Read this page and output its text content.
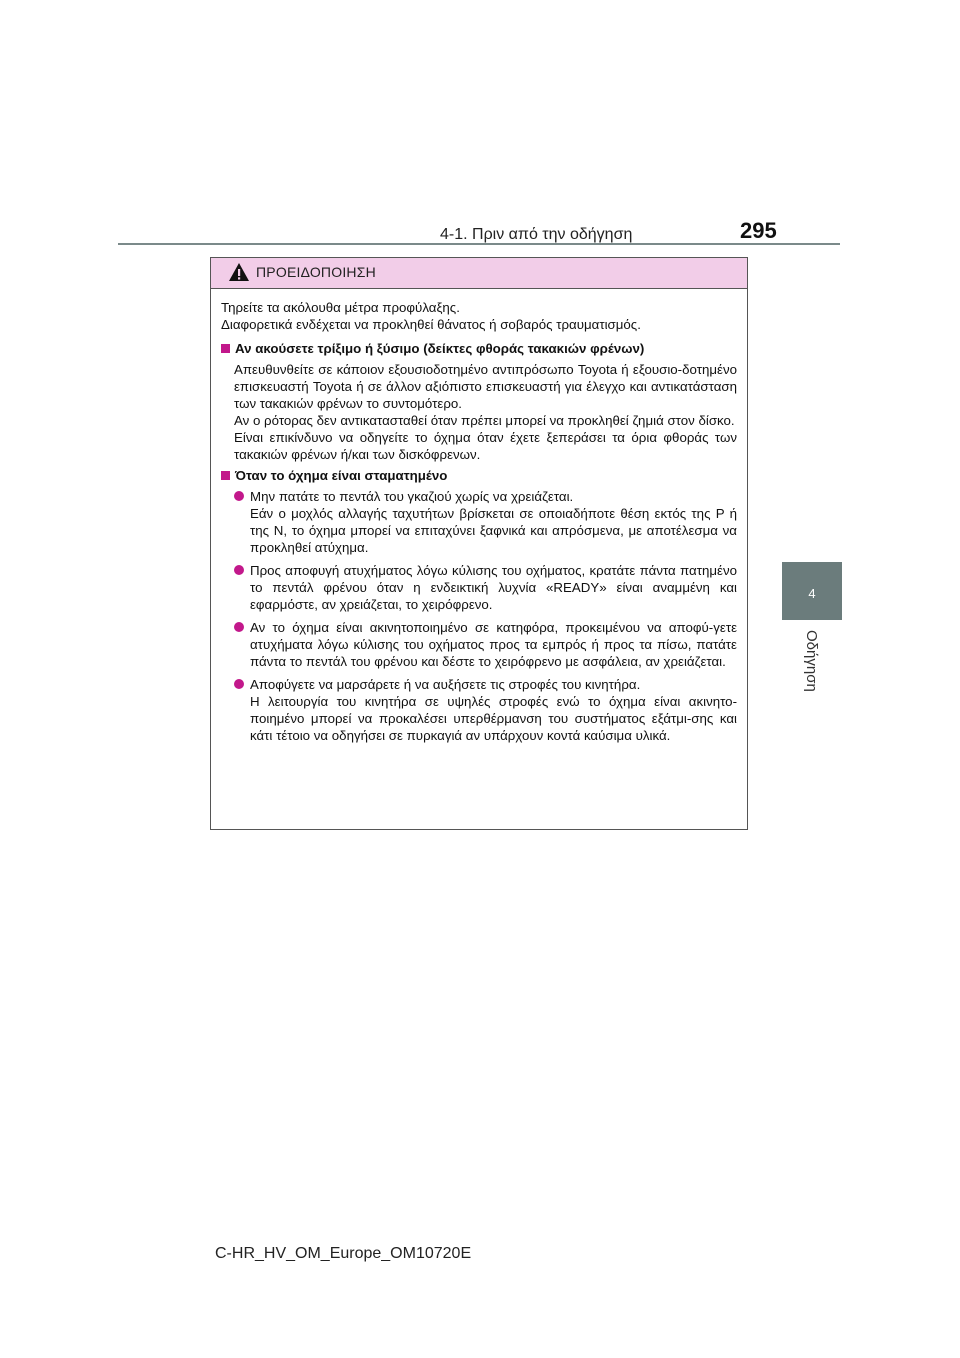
4-1. Πριν από την οδήγηση	295
4
Οδήγηση
ΠΡΟΕΙΔΟΠΟΙΗΣΗ

Τηρείτε τα ακόλουθα μέτρα προφύλαξης.

Διαφορετικά ενδέχεται να προκληθεί θάνατος ή σοβαρός τραυματισμός.

Αν ακούσετε τρίξιμο ή ξύσιμο (δείκτες φθοράς τακακιών φρένων)

Απευθυνθείτε σε κάποιον εξουσιοδοτημένο αντιπρόσωπο Toyota ή εξουσιο-δοτημένο επισκευαστή Toyota ή σε άλλον αξιόπιστο επισκευαστή για έλεγχο και αντικατάσταση των τακακιών φρένων το συντομότερο.

Αν ο ρότορας δεν αντικατασταθεί όταν πρέπει μπορεί να προκληθεί ζημιά στον δίσκο.

Είναι επικίνδυνο να οδηγείτε το όχημα όταν έχετε ξεπεράσει τα όρια φθοράς των τακακιών φρένων ή/και των δισκόφρενων.

Όταν το όχημα είναι σταματημένο

Μην πατάτε το πεντάλ του γκαζιού χωρίς να χρειάζεται.

Εάν ο μοχλός αλλαγής ταχυτήτων βρίσκεται σε οποιαδήποτε θέση εκτός της P ή της N, το όχημα μπορεί να επιταχύνει ξαφνικά και απρόσμενα, με αποτέλεσμα να προκληθεί ατύχημα.

Προς αποφυγή ατυχήματος λόγω κύλισης του οχήματος, κρατάτε πάντα πατημένο το πεντάλ φρένου όταν η ενδεικτική λυχνία «READY» είναι αναμμένη και εφαρμόστε, αν χρειάζεται, το χειρόφρενο.

Αν το όχημα είναι ακινητοποιημένο σε κατηφόρα, προκειμένου να αποφύ-γετε ατυχήματα λόγω κύλισης του οχήματος προς τα εμπρός ή προς τα πίσω, πατάτε πάντα το πεντάλ του φρένου και δέστε το χειρόφρενο με ασφάλεια, αν χρειάζεται.

Αποφύγετε να μαρσάρετε ή να αυξήσετε τις στροφές του κινητήρα.

Η λειτουργία του κινητήρα σε υψηλές στροφές ενώ το όχημα είναι ακινητο-ποιημένο μπορεί να προκαλέσει υπερθέρμανση του συστήματος εξάτμι-σης και κάτι τέτοιο να οδηγήσει σε πυρκαγιά αν υπάρχουν κοντά καύσιμα υλικά.

C-HR_HV_OM_Europe_OM10720E
